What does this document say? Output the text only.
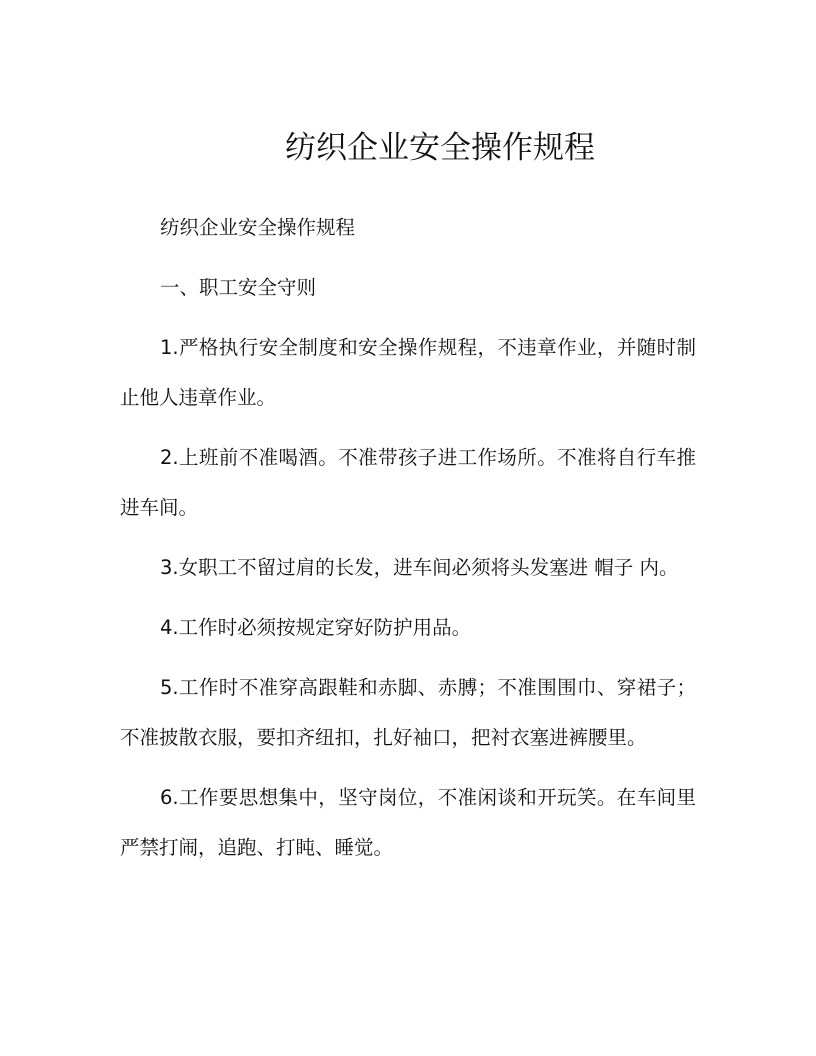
纺织企业安全操作规程

纺织企业安全操作规程

一、职工安全守则

1.严格执行安全制度和安全操作规程，不违章作业，并随时制止他人违章作业。

2.上班前不准喝酒。不准带孩子进工作场所。不准将自行车推进车间。

3.女职工不留过肩的长发，进车间必须将头发塞进 帽子 内。

4.工作时必须按规定穿好防护用品。

5.工作时不准穿高跟鞋和赤脚、赤膊；不准围围巾、穿裙子；不准披散衣服，要扣齐纽扣，扎好袖口，把衬衣塞进裤腰里。

6.工作要思想集中，坚守岗位，不准闲谈和开玩笑。在车间里严禁打闹，追跑、打盹、睡觉。
